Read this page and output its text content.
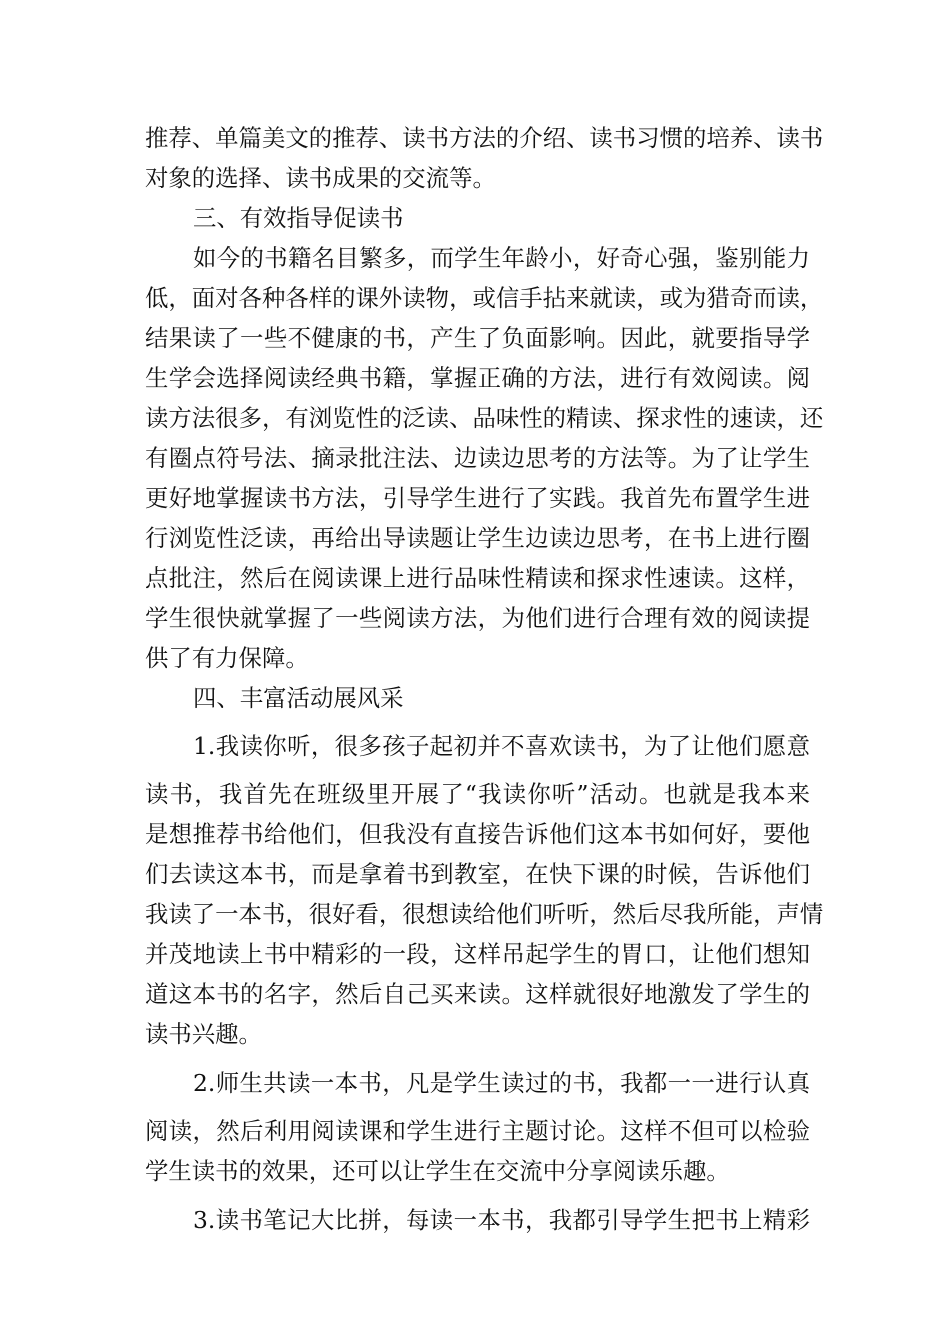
推荐、单篇美文的推荐、读书方法的介绍、读书习惯的培养、读书
对象的选择、读书成果的交流等。
三、有效指导促读书
如今的书籍名目繁多，而学生年龄小，好奇心强，鉴别能力
低，面对各种各样的课外读物，或信手拈来就读，或为猎奇而读，
结果读了一些不健康的书，产生了负面影响。因此，就要指导学
生学会选择阅读经典书籍，掌握正确的方法，进行有效阅读。阅
读方法很多，有浏览性的泛读、品味性的精读、探求性的速读，还
有圈点符号法、摘录批注法、边读边思考的方法等。为了让学生
更好地掌握读书方法，引导学生进行了实践。我首先布置学生进
行浏览性泛读，再给出导读题让学生边读边思考，在书上进行圈
点批注，然后在阅读课上进行品味性精读和探求性速读。这样，
学生很快就掌握了一些阅读方法，为他们进行合理有效的阅读提
供了有力保障。
四、丰富活动展风采
1.我读你听，很多孩子起初并不喜欢读书，为了让他们愿意
读书，我首先在班级里开展了“我读你听”活动。也就是我本来
是想推荐书给他们，但我没有直接告诉他们这本书如何好，要他
们去读这本书，而是拿着书到教室，在快下课的时候，告诉他们
我读了一本书，很好看，很想读给他们听听，然后尽我所能，声情
并茂地读上书中精彩的一段，这样吊起学生的胃口，让他们想知
道这本书的名字，然后自己买来读。这样就很好地激发了学生的
读书兴趣。
2.师生共读一本书，凡是学生读过的书，我都一一进行认真
阅读，然后利用阅读课和学生进行主题讨论。这样不但可以检验
学生读书的效果，还可以让学生在交流中分享阅读乐趣。
3.读书笔记大比拼，每读一本书，我都引导学生把书上精彩
